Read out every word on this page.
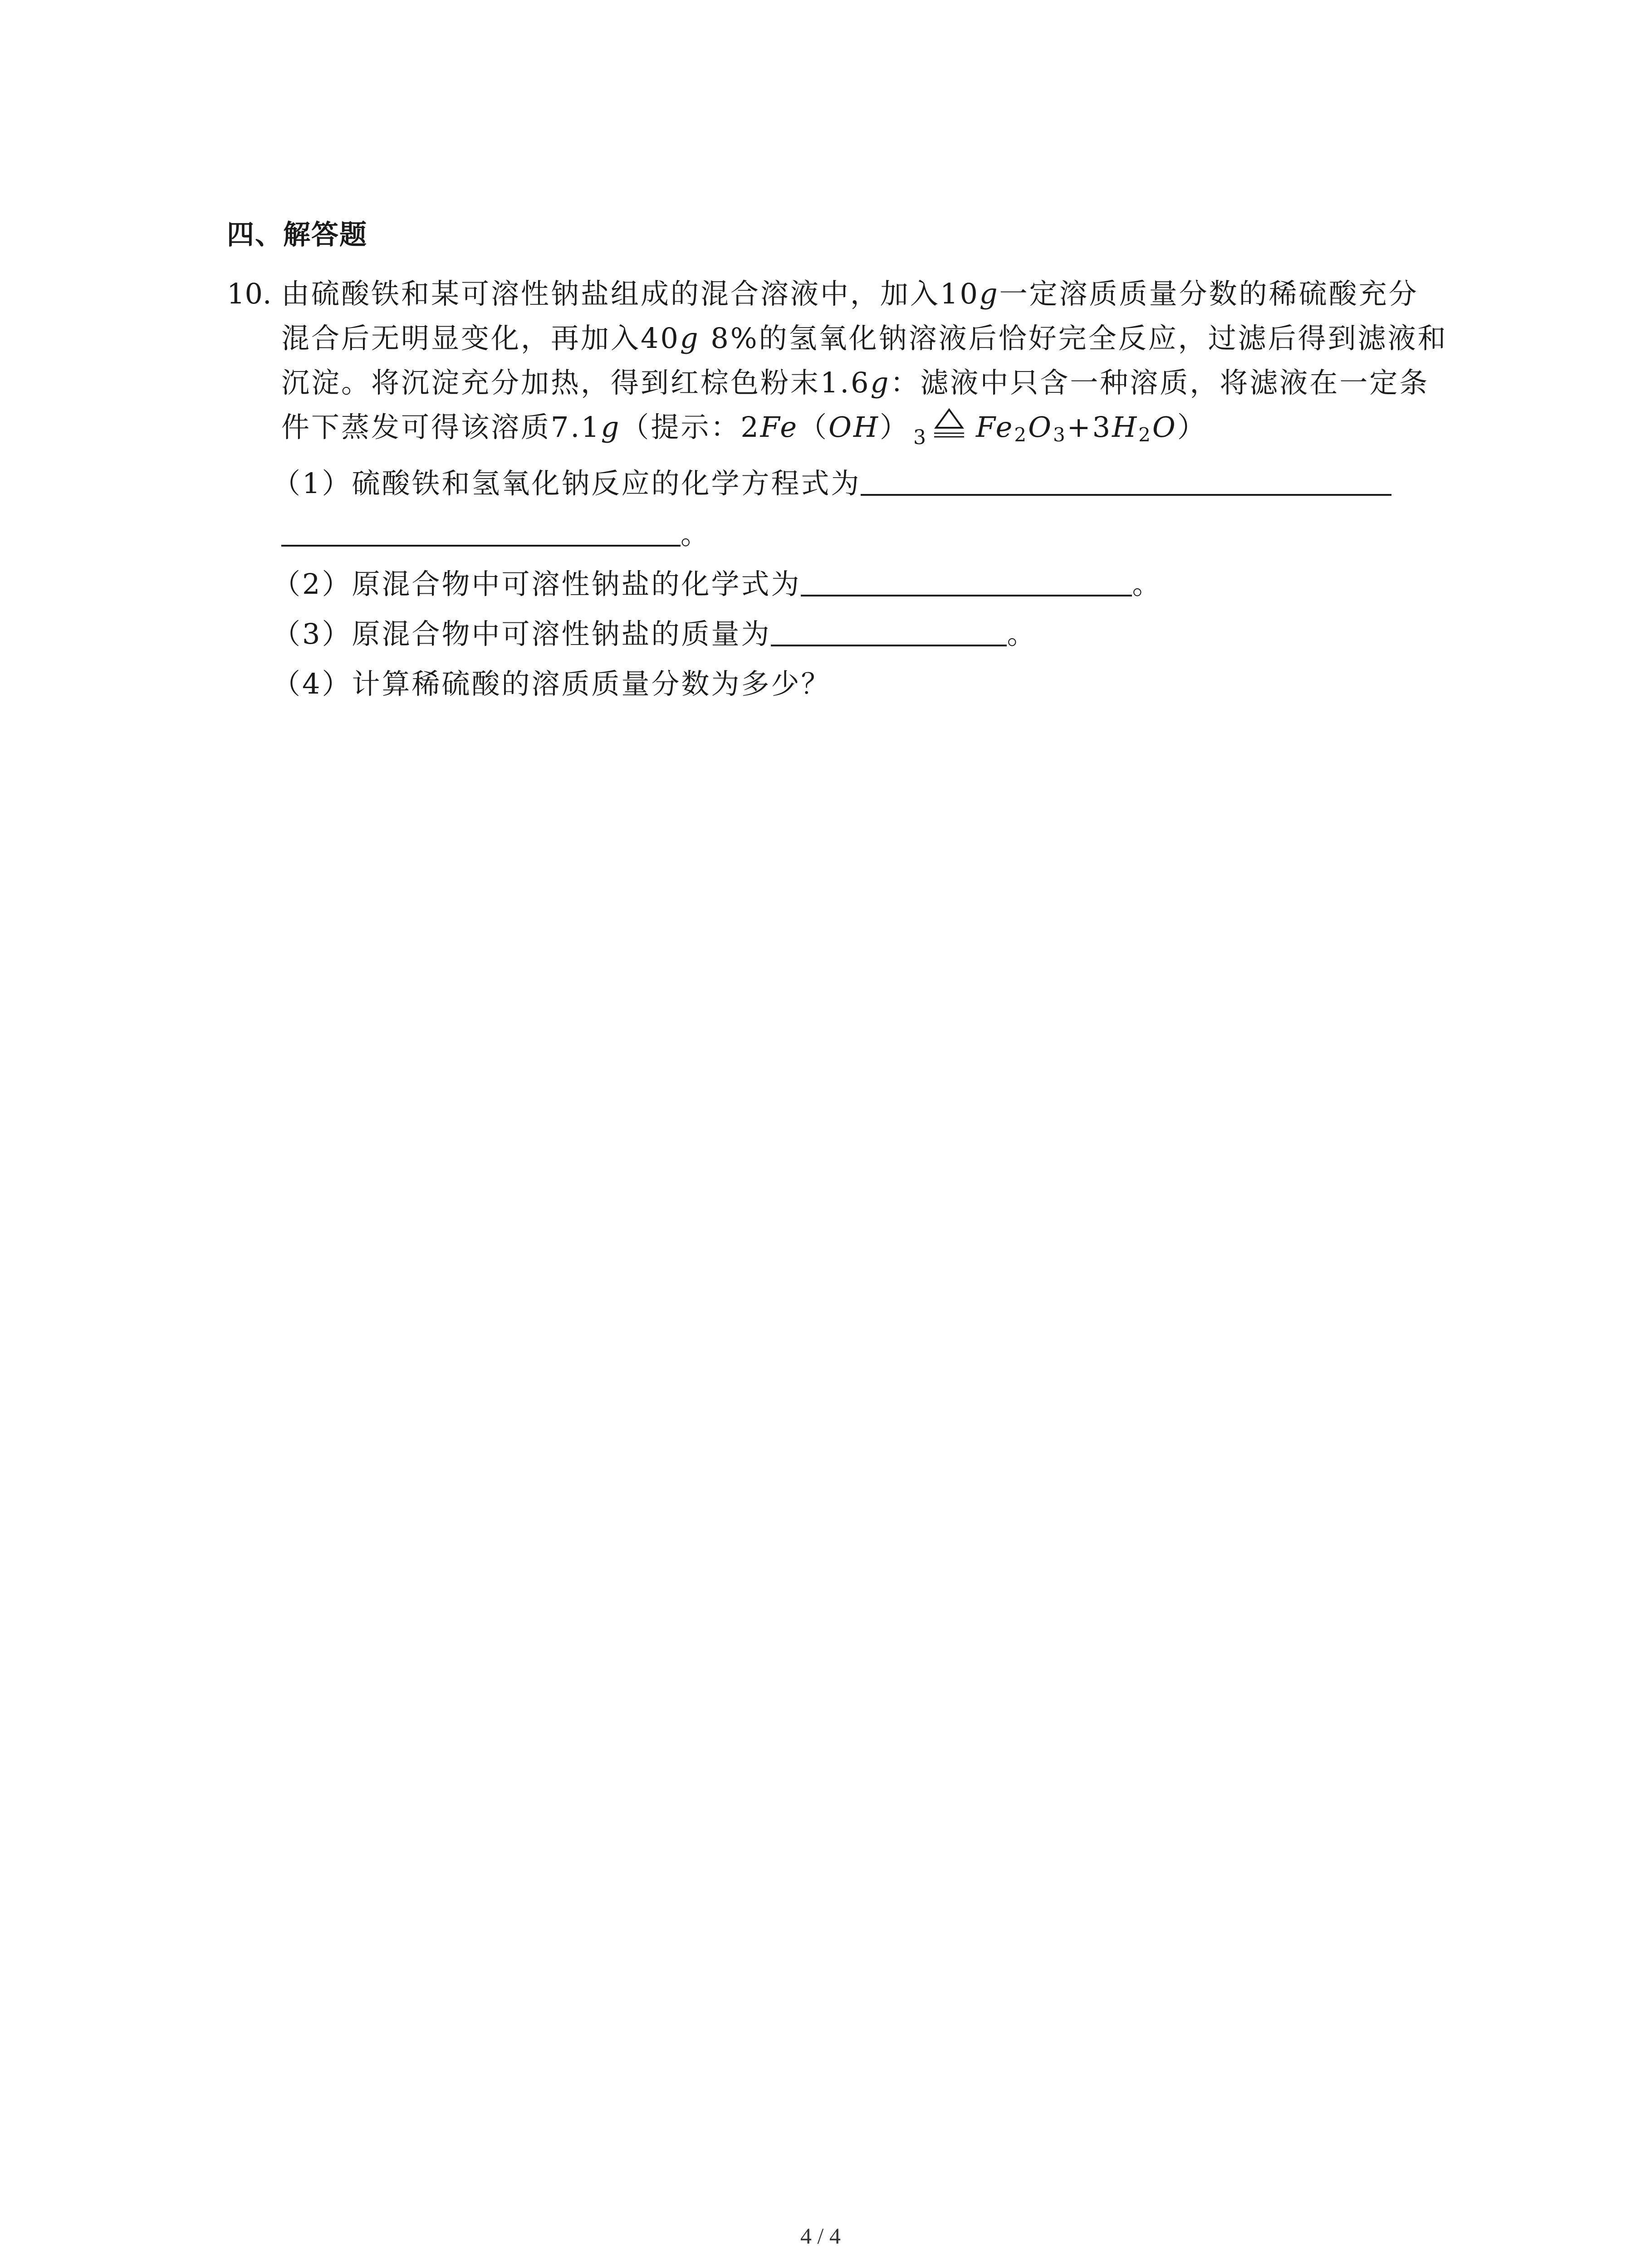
四、解答题
10. 由硫酸铁和某可溶性钠盐组成的混合溶液中，加入10g一定溶质质量分数的稀硫酸充分
混合后无明显变化，再加入40g 8%的氢氧化钠溶液后恰好完全反应，过滤后得到滤液和
沉淀。将沉淀充分加热，得到红棕色粉末1.6g：滤液中只含一种溶质，将滤液在一定条
件下蒸发可得该溶质7.1g（提示：2Fe（OH） $_3$ $Fe_2O_3+3H_2O$）
（1）硫酸铁和氢氧化钠反应的化学方程式为
。
（2）原混合物中可溶性钠盐的化学式为	。
（3）原混合物中可溶性钠盐的质量为	。
（4）计算稀硫酸的溶质质量分数为多少？
4 / 4
